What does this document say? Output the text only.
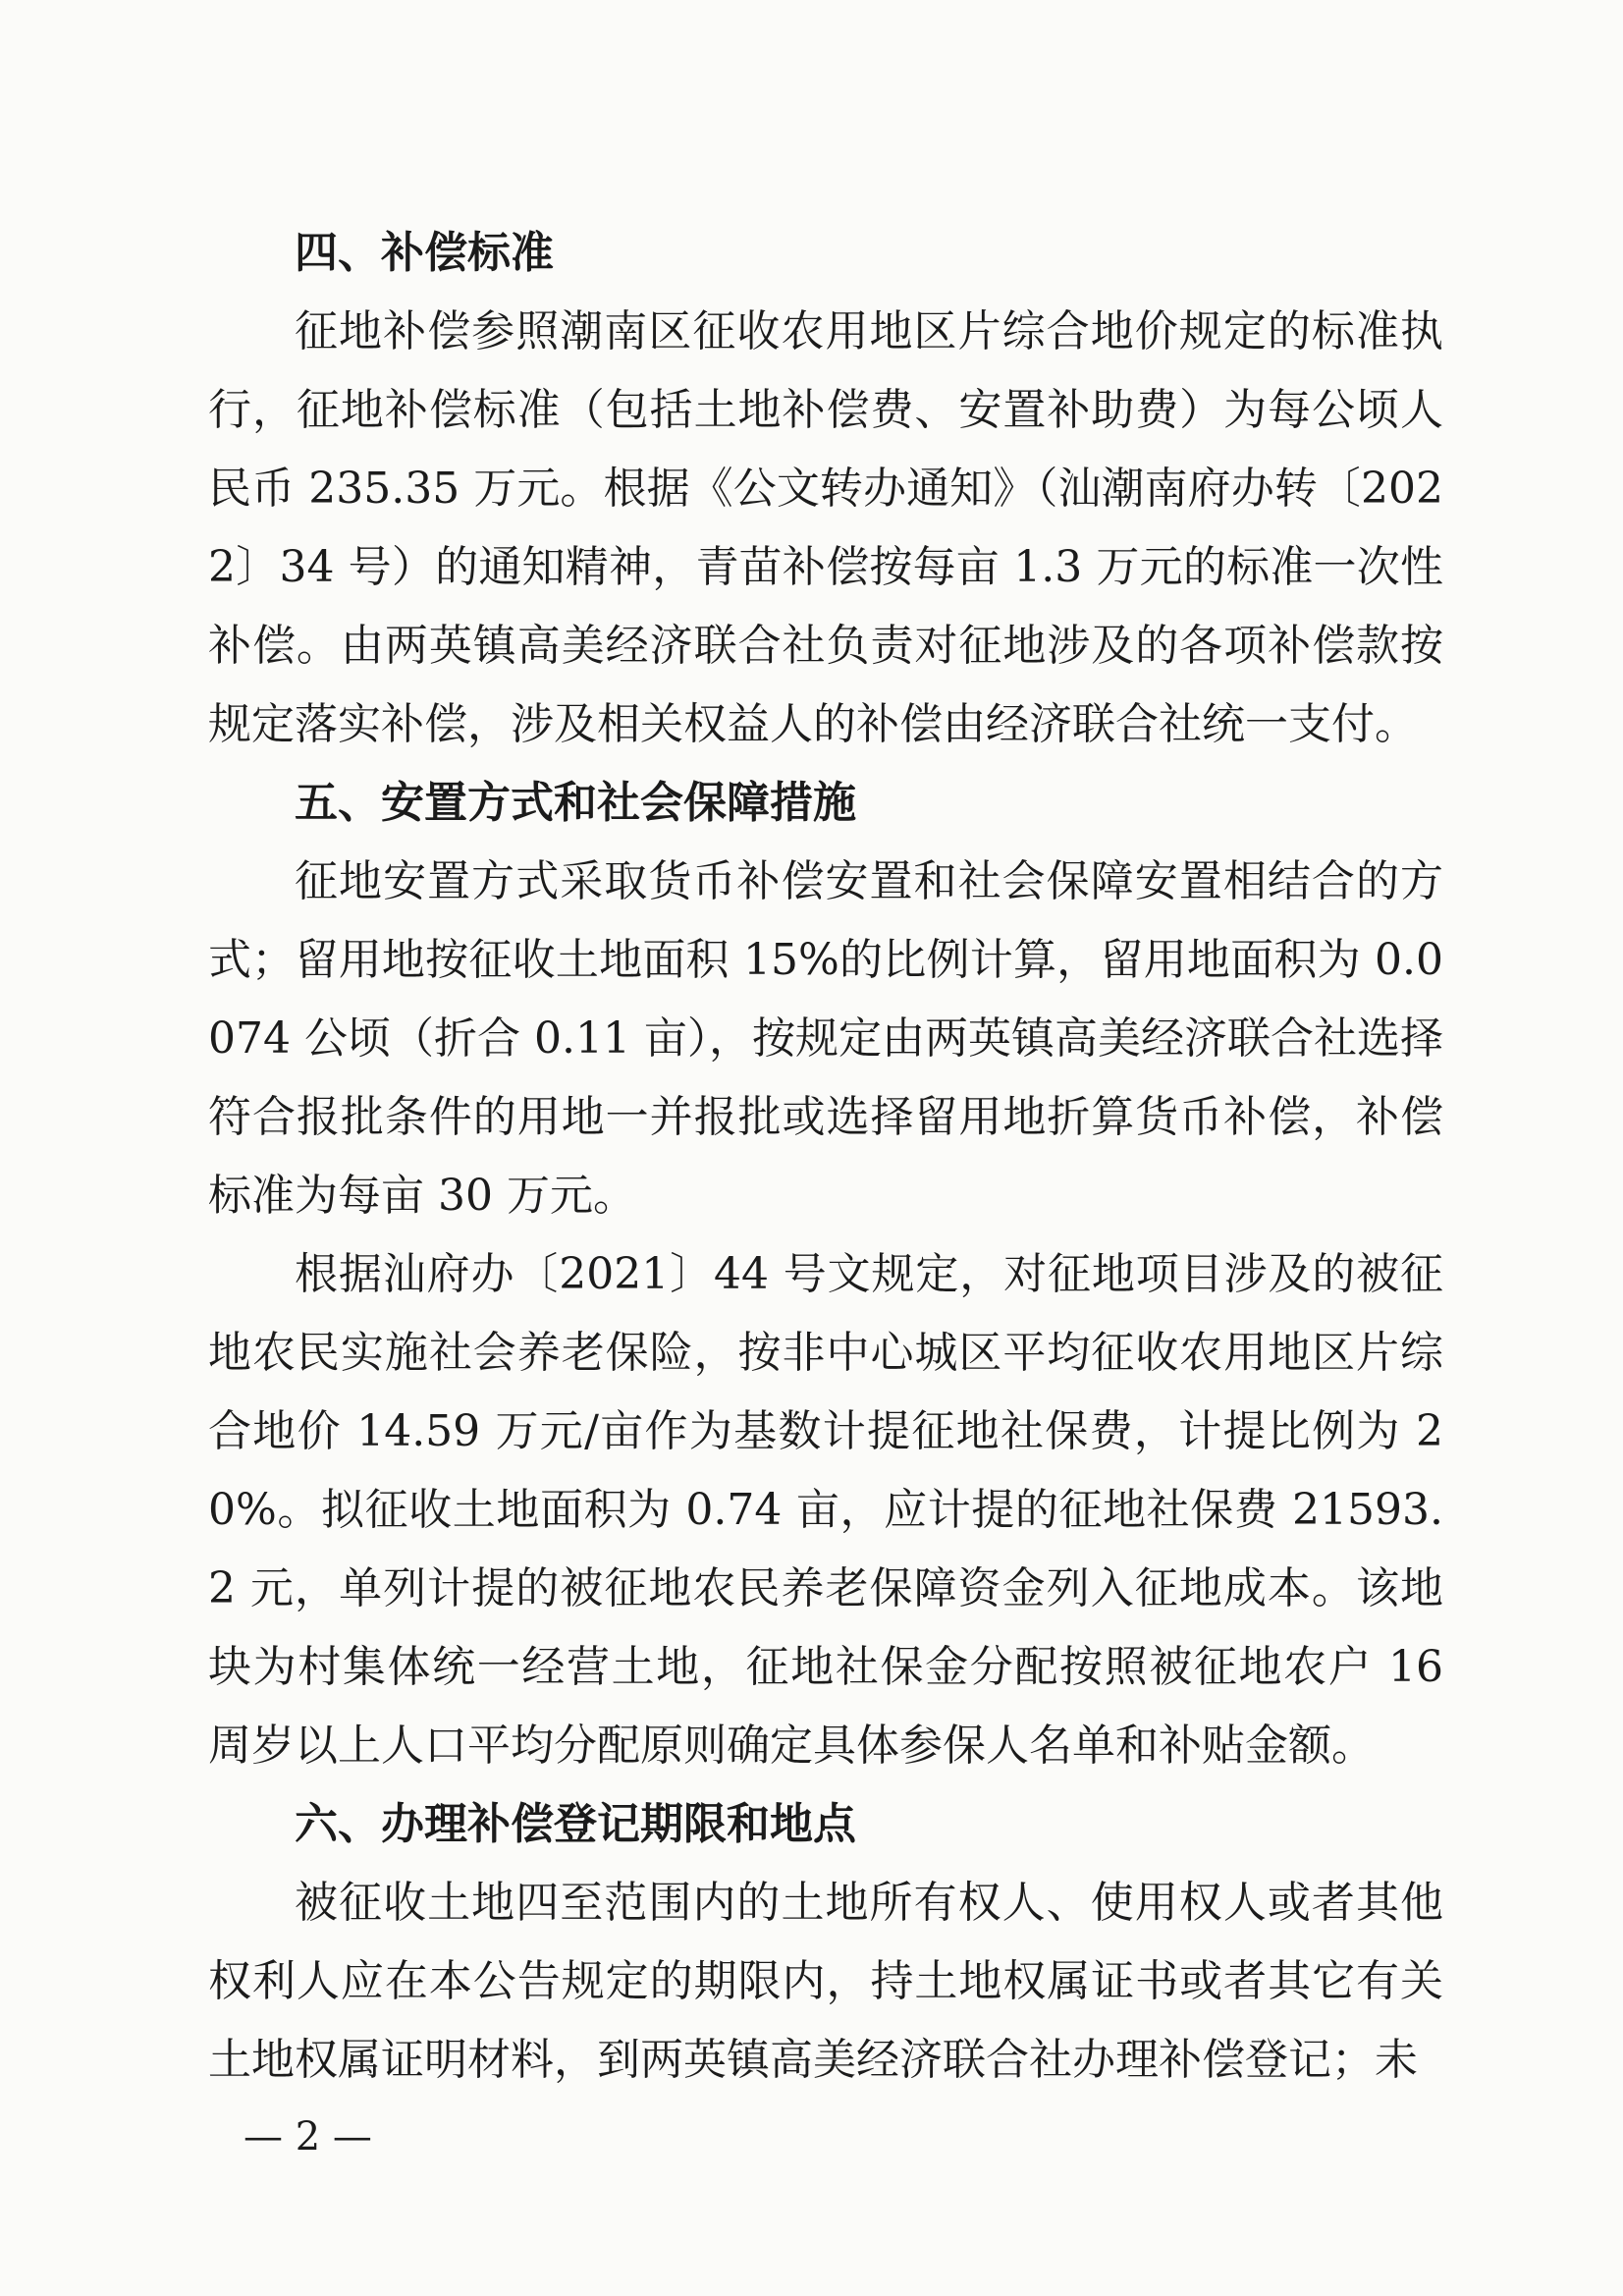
四、补偿标准

征地补偿参照潮南区征收农用地区片综合地价规定的标准执行，征地补偿标准（包括土地补偿费、安置补助费）为每公顷人民币 235.35 万元。根据《公文转办通知》（汕潮南府办转〔2022〕34 号）的通知精神，青苗补偿按每亩 1.3 万元的标准一次性补偿。由两英镇高美经济联合社负责对征地涉及的各项补偿款按规定落实补偿，涉及相关权益人的补偿由经济联合社统一支付。

五、安置方式和社会保障措施

征地安置方式采取货币补偿安置和社会保障安置相结合的方式；留用地按征收土地面积 15%的比例计算，留用地面积为 0.0074 公顷（折合 0.11 亩），按规定由两英镇高美经济联合社选择符合报批条件的用地一并报批或选择留用地折算货币补偿，补偿标准为每亩 30 万元。

根据汕府办〔2021〕44 号文规定，对征地项目涉及的被征地农民实施社会养老保险，按非中心城区平均征收农用地区片综合地价 14.59 万元/亩作为基数计提征地社保费，计提比例为 20%。拟征收土地面积为 0.74 亩，应计提的征地社保费 21593.2 元，单列计提的被征地农民养老保障资金列入征地成本。该地块为村集体统一经营土地，征地社保金分配按照被征地农户 16 周岁以上人口平均分配原则确定具体参保人名单和补贴金额。

六、办理补偿登记期限和地点

被征收土地四至范围内的土地所有权人、使用权人或者其他权利人应在本公告规定的期限内，持土地权属证书或者其它有关土地权属证明材料，到两英镇高美经济联合社办理补偿登记；未

— 2 —
